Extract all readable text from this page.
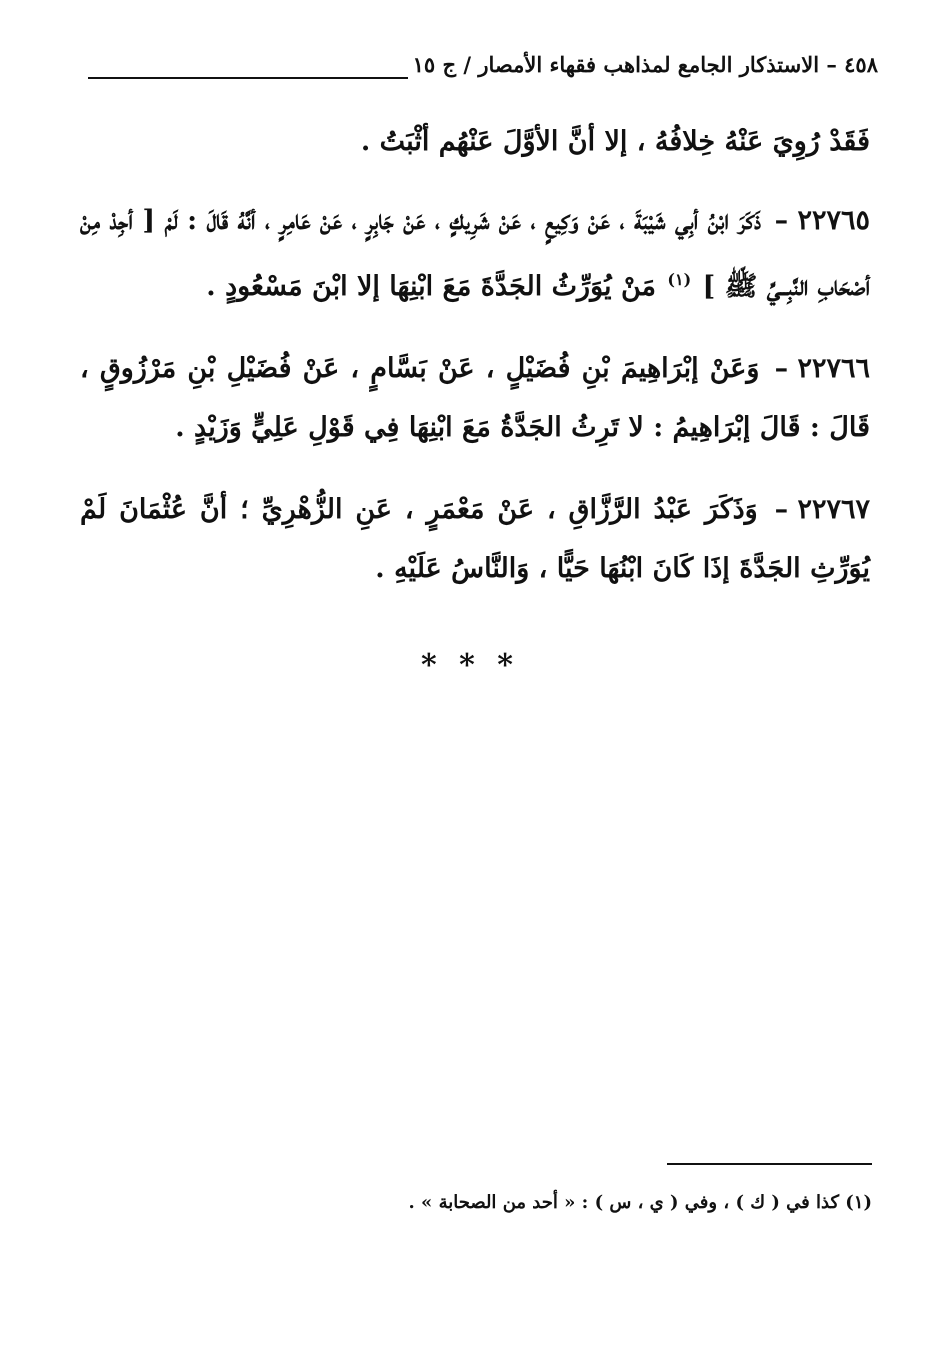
٤٥٨ – الاستذكار الجامع لمذاهب فقهاء الأمصار / ج ١٥

فَقَدْ رُوِيَ عَنْهُ خِلافُهُ ، إلا أنَّ الأوَّلَ عَنْهُم أثْبَتُ .

٢٢٧٦٥ – ذَكَرَ ابْنُ أبِي شَيْبَةَ ، عَنْ وَكِيعٍ ، عَنْ شَرِيكٍ ، عَنْ جَابِرٍ ، عَنْ عَامِرٍ ، أنَّهُ قَالَ : لَمْ [ أجِدْ مِنْ أصْحَابِ النَّبِــيِّ ﷺ ] $^{(١)}$ مَنْ يُوَرِّثُ الجَدَّةَ مَعَ ابْنِهَا إلا ابْنَ مَسْعُودٍ .

٢٢٧٦٦ – وَعَنْ إبْرَاهِيمَ بْنِ فُضَيْلٍ ، عَنْ بَسَّامٍ ، عَنْ فُضَيْلِ بْنِ مَرْزُوقٍ ، قَالَ : قَالَ إبْرَاهِيمُ : لا تَرِثُ الجَدَّةُ مَعَ ابْنِهَا فِي قَوْلِ عَلِيٍّ وَزَيْدٍ .

٢٢٧٦٧ – وَذَكَرَ عَبْدُ الرَّزَّاقِ ، عَنْ مَعْمَرٍ ، عَنِ الزُّهْرِيِّ ؛ أنَّ عُثْمَانَ لَمْ يُوَرِّثِ الجَدَّةَ إذَا كَانَ ابْنُهَا حَيًّا ، وَالنَّاسُ عَلَيْهِ .

* * *
(١) كذا في ( ك ) ، وفي ( ي ، س ) : « أحد من الصحابة » .
